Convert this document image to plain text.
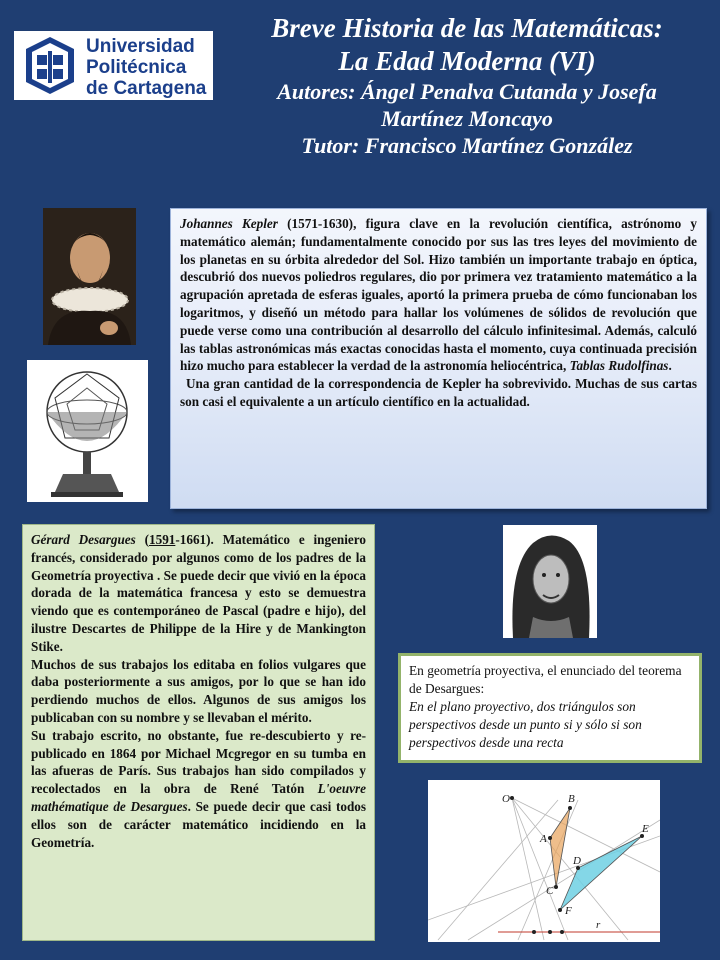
Universidad
Politécnica
de Cartagena
Breve Historia de las Matemáticas:
La Edad Moderna (VI)
Autores: Ángel Penalva Cutanda y Josefa
Martínez Moncayo
Tutor: Francisco Martínez González

Johannes Kepler (1571-1630), figura clave en la revolución científica, astrónomo y matemático alemán; fundamentalmente conocido por sus las tres leyes del movimiento de los planetas en su órbita alrededor del Sol. Hizo también un importante trabajo en óptica, descubrió dos nuevos poliedros regulares, dio por primera vez tratamiento matemático a la agrupación apretada de esferas iguales, aportó la primera prueba de cómo funcionaban los logaritmos, y diseñó un método para hallar los volúmenes de sólidos de revolución que puede verse como una contribución al desarrollo del cálculo infinitesimal. Además, calculó las tablas astronómicas más exactas conocidas hasta el momento, cuya continuada precisión hizo mucho para establecer la verdad de la astronomía heliocéntrica, Tablas Rudolfinas.

Una gran cantidad de la correspondencia de Kepler ha sobrevivido. Muchas de sus cartas son casi el equivalente a un artículo científico en la actualidad.

Gérard Desargues (1591-1661). Matemático e ingeniero francés, considerado por algunos como de los padres de la Geometría proyectiva . Se puede decir que vivió en la época dorada de la matemática francesa y esto se demuestra viendo que es contemporáneo de Pascal (padre e hijo), del ilustre Descartes de Philippe de la Hire y de Mankington Stike.

Muchos de sus trabajos los editaba en folios vulgares que daba posteriormente a sus amigos, por lo que se han ido perdiendo muchos de ellos. Algunos de sus amigos los publicaban con su nombre y se llevaban el mérito.

Su trabajo escrito, no obstante, fue re-descubierto y re-publicado en 1864 por Michael Mcgregor en su tumba en las afueras de París. Sus trabajos han sido compilados y recolectados en la obra de René Tatón L'oeuvre mathématique de Desargues. Se puede decir que casi todos ellos son de carácter matemático incidiendo en la Geometría.

En geometría proyectiva, el enunciado del teorema de Desargues:

En el plano proyectivo, dos triángulos son perspectivos desde un punto si y sólo si son perspectivos desde una recta

O	B
A
C
D
E
F
r
